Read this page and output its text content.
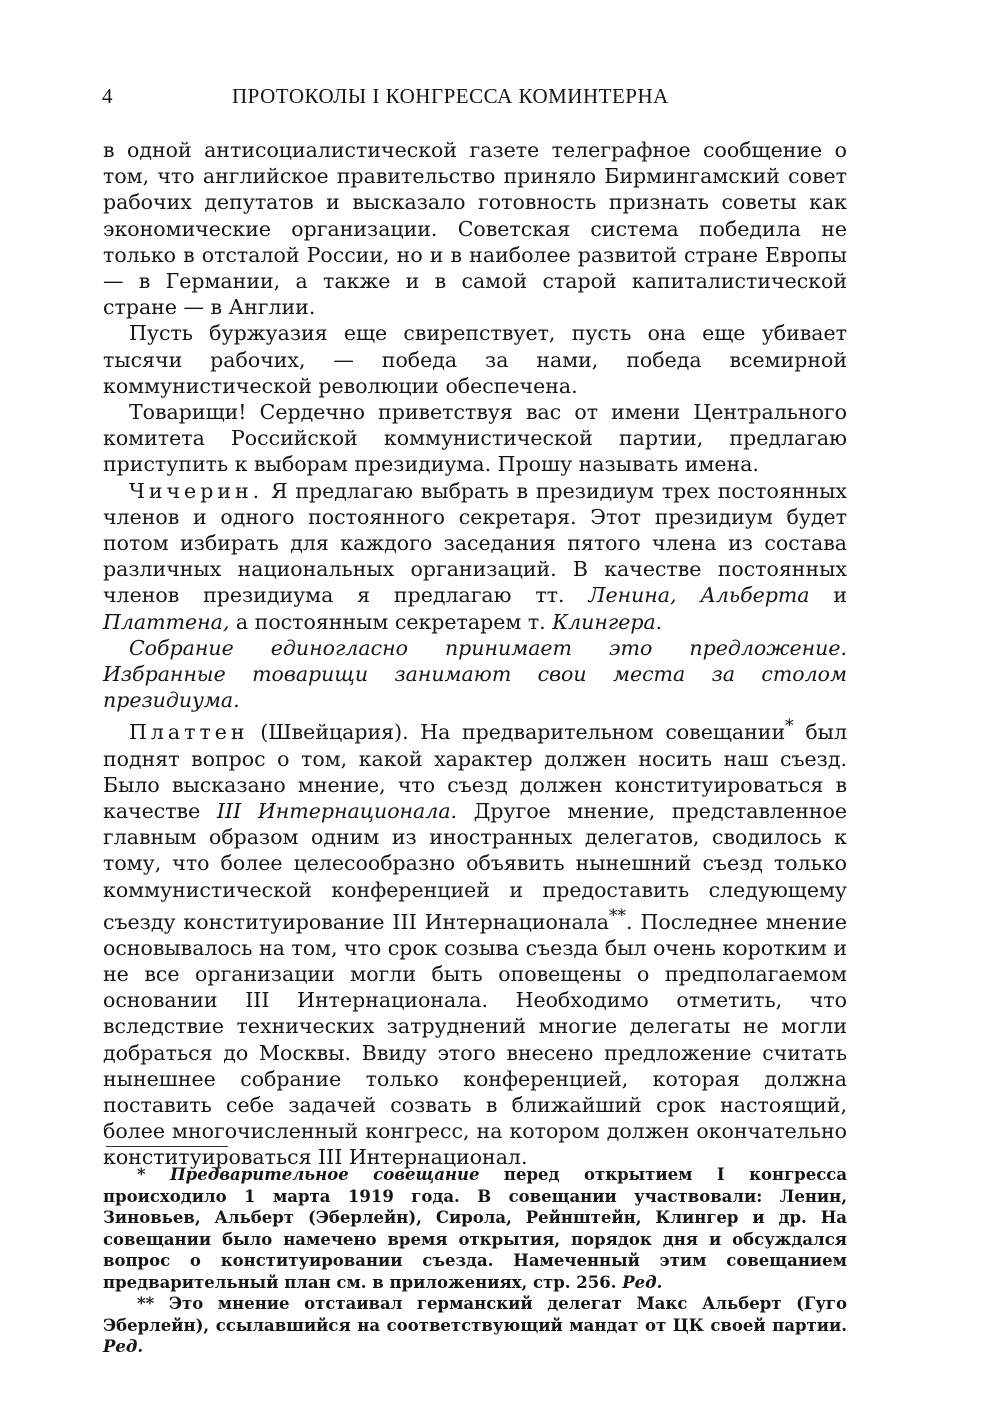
4	ПРОТОКОЛЫ I КОНГРЕССА КОМИНТЕРНА

в одной антисоциалистической газете телеграфное сообщение о том, что английское правительство приняло Бирмингамский совет рабочих депутатов и высказало готовность признать советы как экономические организации. Советская система победила не только в отсталой России, но и в наиболее развитой стране Европы — в Германии, а также и в самой старой капиталистической стране — в Англии.

Пусть буржуазия еще свирепствует, пусть она еще убивает тысячи рабочих, — победа за нами, победа всемирной коммунистической революции обеспечена.

Товарищи! Сердечно приветствуя вас от имени Центрального комитета Российской коммунистической партии, предлагаю приступить к выборам президиума. Прошу называть имена.

Чичерин. Я предлагаю выбрать в президиум трех постоянных членов и одного постоянного секретаря. Этот президиум будет потом избирать для каждого заседания пятого члена из состава различных национальных организаций. В качестве постоянных членов президиума я предлагаю тт. Ленина, Альберта и Платтена, а постоянным секретарем т. Клингера.

Собрание единогласно принимает это предложение. Избранные товарищи занимают свои места за столом президиума.

Платтен (Швейцария). На предварительном совещании* был поднят вопрос о том, какой характер должен носить наш съезд. Было высказано мнение, что съезд должен конституироваться в качестве III Интернационала. Другое мнение, представленное главным образом одним из иностранных делегатов, сводилось к тому, что более целесообразно объявить нынешний съезд только коммунистической конференцией и предоставить следующему съезду конституирование III Интернационала**. Последнее мнение основывалось на том, что срок созыва съезда был очень коротким и не все организации могли быть оповещены о предполагаемом основании III Интернационала. Необходимо отметить, что вследствие технических затруднений многие делегаты не могли добраться до Москвы. Ввиду этого внесено предложение считать нынешнее собрание только конференцией, которая должна поставить себе задачей созвать в ближайший срок настоящий, более многочисленный конгресс, на котором должен окончательно конституироваться III Интернационал.

* Предварительное совещание перед открытием I конгресса происходило 1 марта 1919 года. В совещании участвовали: Ленин, Зиновьев, Альберт (Эберлейн), Сирола, Рейнштейн, Клингер и др. На совещании было намечено время открытия, порядок дня и обсуждался вопрос о конституировании съезда. Намеченный этим совещанием предварительный план см. в приложениях, стр. 256. Ред.

** Это мнение отстаивал германский делегат Макс Альберт (Гуго Эберлейн), ссылавшийся на соответствующий мандат от ЦК своей партии. Ред.
